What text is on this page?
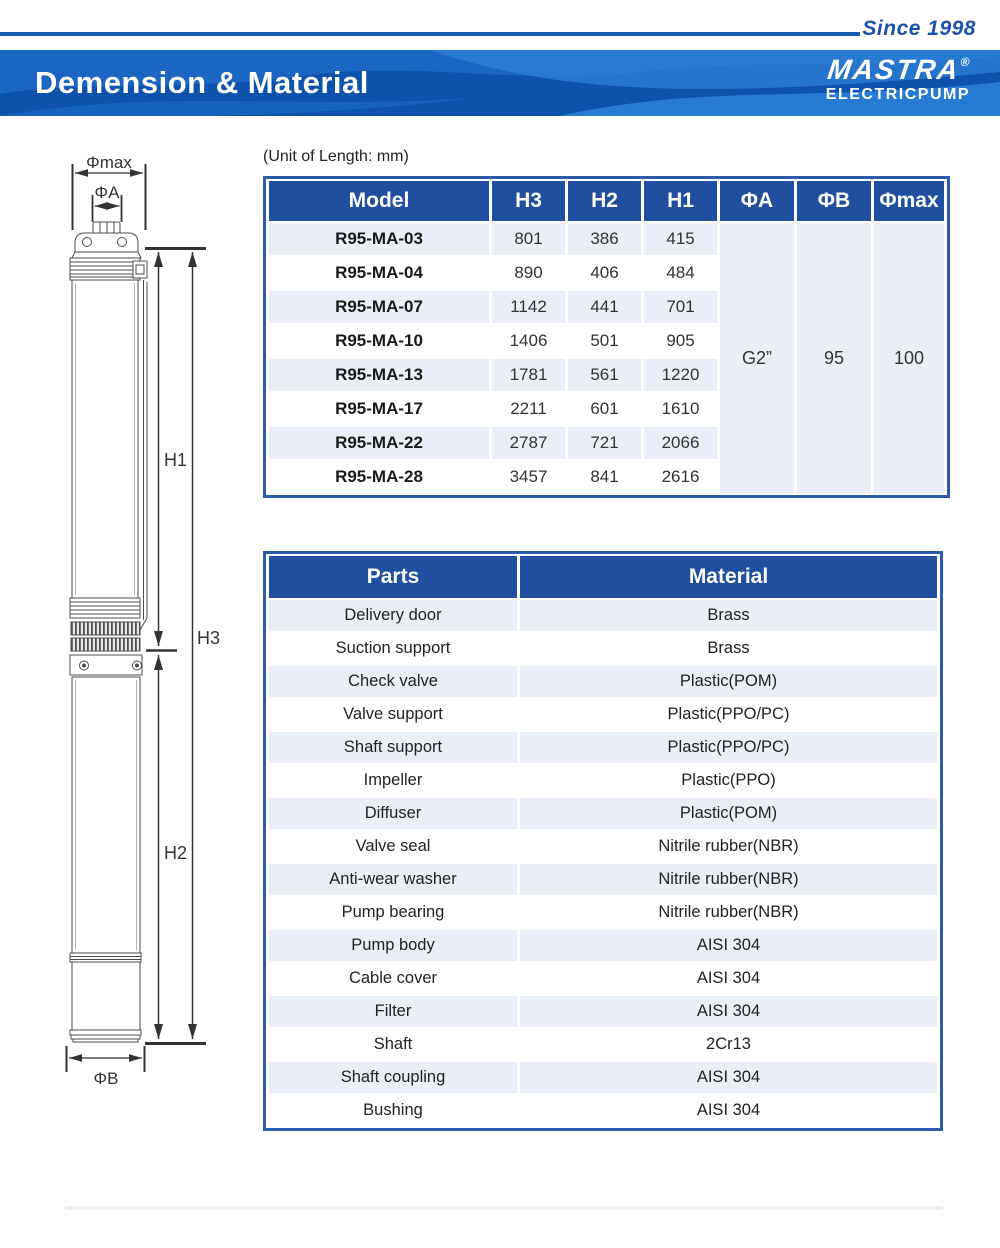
Since 1998
Demension & Material	MASTRA®
ELECTRICPUMP
(Unit of Length: mm)
Φmax
ΦA
H1
H3
H2
ΦB
Model	H3	H2	H1	ΦA	ΦB	Φmax
R95-MA-03	801	386	415	G2”	95	100
R95-MA-04	890	406	484			
R95-MA-07	1142	441	701			
R95-MA-10	1406	501	905			
R95-MA-13	1781	561	1220			
R95-MA-17	2211	601	1610			
R95-MA-22	2787	721	2066			
R95-MA-28	3457	841	2616			
Parts	Material
Delivery door	Brass
Suction support	Brass
Check valve	Plastic(POM)
Valve support	Plastic(PPO/PC)
Shaft support	Plastic(PPO/PC)
Impeller	Plastic(PPO)
Diffuser	Plastic(POM)
Valve seal	Nitrile rubber(NBR)
Anti-wear washer	Nitrile rubber(NBR)
Pump bearing	Nitrile rubber(NBR)
Pump body	AISI 304
Cable cover	AISI 304
Filter	AISI 304
Shaft	2Cr13
Shaft coupling	AISI 304
Bushing	AISI 304
